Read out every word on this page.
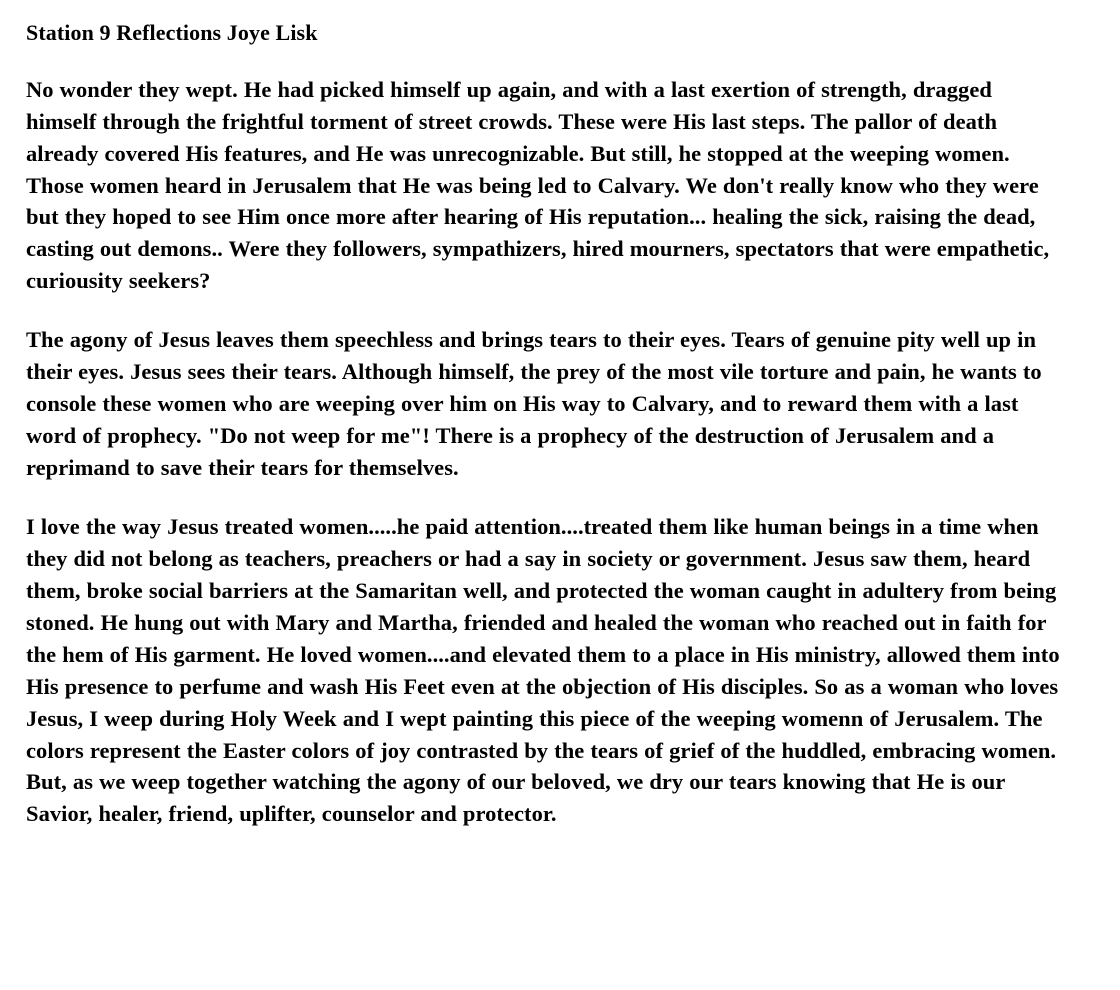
Station 9 Reflections Joye Lisk

No wonder they wept. He had picked himself up again, and with a last exertion of strength, dragged himself through the frightful torment of street crowds. These were His last steps. The pallor of death already covered His features, and He was unrecognizable. But still, he stopped at the weeping women. Those women heard in Jerusalem that He was being led to Calvary. We don't really know who they were but they hoped to see Him once more after hearing of His reputation... healing the sick, raising the dead, casting out demons.. Were they followers, sympathizers, hired mourners, spectators that were empathetic, curiousity seekers?

The agony of Jesus leaves them speechless and brings tears to their eyes. Tears of genuine pity well up in their eyes. Jesus sees their tears. Although himself, the prey of the most vile torture and pain, he wants to console these women who are weeping over him on His way to Calvary, and to reward them with a last word of prophecy. "Do not weep for me"! There is a prophecy of the destruction of Jerusalem and a reprimand to save their tears for themselves.

I love the way Jesus treated women.....he paid attention....treated them like human beings in a time when they did not belong as teachers, preachers or had a say in society or government. Jesus saw them, heard them, broke social barriers at the Samaritan well, and protected the woman caught in adultery from being stoned. He hung out with Mary and Martha, friended and healed the woman who reached out in faith for the hem of His garment. He loved women....and elevated them to a place in His ministry, allowed them into His presence to perfume and wash His Feet even at the objection of His disciples. So as a woman who loves Jesus, I weep during Holy Week and I wept painting this piece of the weeping womenn of Jerusalem. The colors represent the Easter colors of joy contrasted by the tears of grief of the huddled, embracing women. But, as we weep together watching the agony of our beloved, we dry our tears knowing that He is our Savior, healer, friend, uplifter, counselor and protector.
